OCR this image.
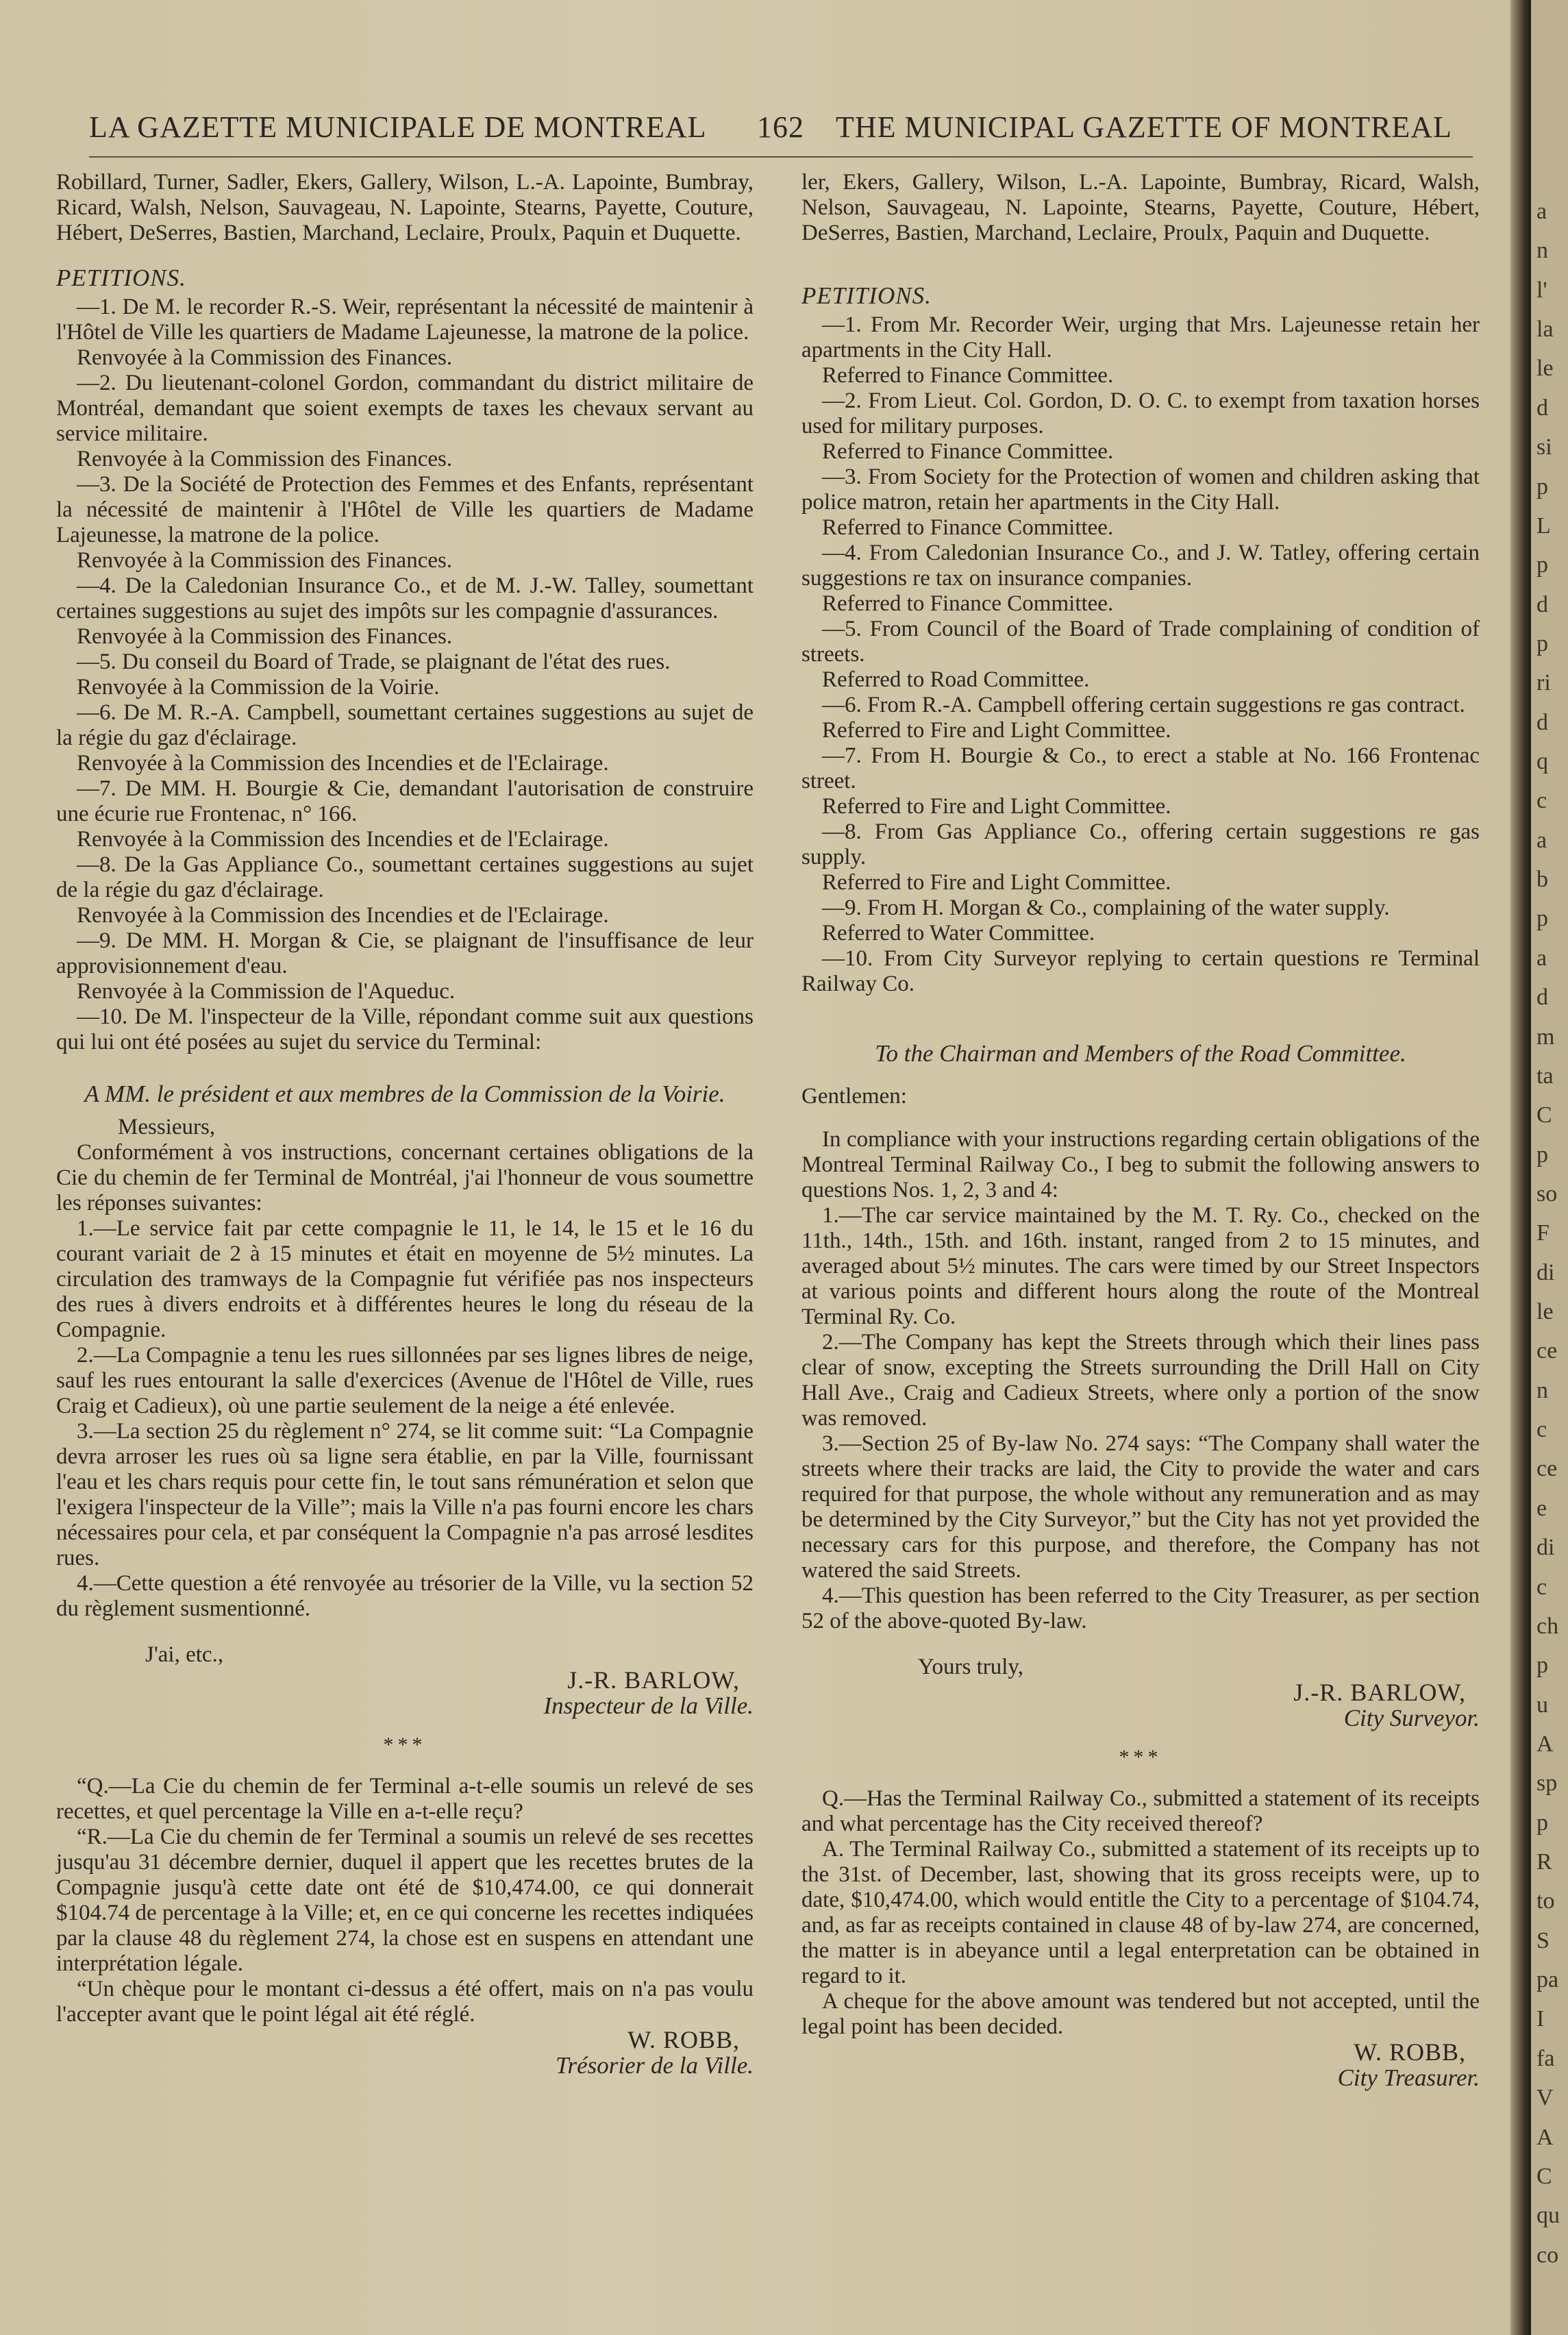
LA GAZETTE MUNICIPALE DE MONTREAL 162 THE MUNICIPAL GAZETTE OF MONTREAL

Robillard, Turner, Sadler, Ekers, Gallery, Wilson, L.-A. Lapointe, Bumbray, Ricard, Walsh, Nelson, Sauvageau, N. Lapointe, Stearns, Payette, Couture, Hébert, DeSerres, Bastien, Marchand, Leclaire, Proulx, Paquin et Duquette.

PETITIONS.

—1. De M. le recorder R.-S. Weir, représentant la nécessité de maintenir à l'Hôtel de Ville les quartiers de Madame Lajeunesse, la matrone de la police.

Renvoyée à la Commission des Finances.

—2. Du lieutenant-colonel Gordon, commandant du district militaire de Montréal, demandant que soient exempts de taxes les chevaux servant au service militaire.

Renvoyée à la Commission des Finances.

—3. De la Société de Protection des Femmes et des Enfants, représentant la nécessité de maintenir à l'Hôtel de Ville les quartiers de Madame Lajeunesse, la matrone de la police.

Renvoyée à la Commission des Finances.

—4. De la Caledonian Insurance Co., et de M. J.-W. Talley, soumettant certaines suggestions au sujet des impôts sur les compagnie d'assurances.

Renvoyée à la Commission des Finances.

—5. Du conseil du Board of Trade, se plaignant de l'état des rues.

Renvoyée à la Commission de la Voirie.

—6. De M. R.-A. Campbell, soumettant certaines suggestions au sujet de la régie du gaz d'éclairage.

Renvoyée à la Commission des Incendies et de l'Eclairage.

—7. De MM. H. Bourgie & Cie, demandant l'autorisation de construire une écurie rue Frontenac, n° 166.

Renvoyée à la Commission des Incendies et de l'Eclairage.

—8. De la Gas Appliance Co., soumettant certaines suggestions au sujet de la régie du gaz d'éclairage.

Renvoyée à la Commission des Incendies et de l'Eclairage.

—9. De MM. H. Morgan & Cie, se plaignant de l'insuffisance de leur approvisionnement d'eau.

Renvoyée à la Commission de l'Aqueduc.

—10. De M. l'inspecteur de la Ville, répondant comme suit aux questions qui lui ont été posées au sujet du service du Terminal:

A MM. le président et aux membres de la Commission de la Voirie.

Messieurs,

Conformément à vos instructions, concernant certaines obligations de la Cie du chemin de fer Terminal de Montréal, j'ai l'honneur de vous soumettre les réponses suivantes:

1.—Le service fait par cette compagnie le 11, le 14, le 15 et le 16 du courant variait de 2 à 15 minutes et était en moyenne de 5½ minutes. La circulation des tramways de la Compagnie fut vérifiée pas nos inspecteurs des rues à divers endroits et à différentes heures le long du réseau de la Compagnie.

2.—La Compagnie a tenu les rues sillonnées par ses lignes libres de neige, sauf les rues entourant la salle d'exercices (Avenue de l'Hôtel de Ville, rues Craig et Cadieux), où une partie seulement de la neige a été enlevée.

3.—La section 25 du règlement n° 274, se lit comme suit: “La Compagnie devra arroser les rues où sa ligne sera établie, en par la Ville, fournissant l'eau et les chars requis pour cette fin, le tout sans rémunération et selon que l'exigera l'inspecteur de la Ville”; mais la Ville n'a pas fourni encore les chars nécessaires pour cela, et par conséquent la Compagnie n'a pas arrosé lesdites rues.

4.—Cette question a été renvoyée au trésorier de la Ville, vu la section 52 du règlement susmentionné.

J'ai, etc.,

J.-R. BARLOW,

Inspecteur de la Ville.

***

“Q.—La Cie du chemin de fer Terminal a-t-elle soumis un relevé de ses recettes, et quel percentage la Ville en a-t-elle reçu?

“R.—La Cie du chemin de fer Terminal a soumis un relevé de ses recettes jusqu'au 31 décembre dernier, duquel il appert que les recettes brutes de la Compagnie jusqu'à cette date ont été de $10,474.00, ce qui donnerait $104.74 de percentage à la Ville; et, en ce qui concerne les recettes indiquées par la clause 48 du règlement 274, la chose est en suspens en attendant une interprétation légale.

“Un chèque pour le montant ci-dessus a été offert, mais on n'a pas voulu l'accepter avant que le point légal ait été réglé.

W. ROBB,

Trésorier de la Ville.

ler, Ekers, Gallery, Wilson, L.-A. Lapointe, Bumbray, Ricard, Walsh, Nelson, Sauvageau, N. Lapointe, Stearns, Payette, Couture, Hébert, DeSerres, Bastien, Marchand, Leclaire, Proulx, Paquin and Duquette.

PETITIONS.

—1. From Mr. Recorder Weir, urging that Mrs. Lajeunesse retain her apartments in the City Hall.

Referred to Finance Committee.

—2. From Lieut. Col. Gordon, D. O. C. to exempt from taxation horses used for military purposes.

Referred to Finance Committee.

—3. From Society for the Protection of women and children asking that police matron, retain her apartments in the City Hall.

Referred to Finance Committee.

—4. From Caledonian Insurance Co., and J. W. Tatley, offering certain suggestions re tax on insurance companies.

Referred to Finance Committee.

—5. From Council of the Board of Trade complaining of condition of streets.

Referred to Road Committee.

—6. From R.-A. Campbell offering certain suggestions re gas contract.

Referred to Fire and Light Committee.

—7. From H. Bourgie & Co., to erect a stable at No. 166 Frontenac street.

Referred to Fire and Light Committee.

—8. From Gas Appliance Co., offering certain suggestions re gas supply.

Referred to Fire and Light Committee.

—9. From H. Morgan & Co., complaining of the water supply.

Referred to Water Committee.

—10. From City Surveyor replying to certain questions re Terminal Railway Co.

To the Chairman and Members of the Road Committee.

Gentlemen:

In compliance with your instructions regarding certain obligations of the Montreal Terminal Railway Co., I beg to submit the following answers to questions Nos. 1, 2, 3 and 4:

1.—The car service maintained by the M. T. Ry. Co., checked on the 11th., 14th., 15th. and 16th. instant, ranged from 2 to 15 minutes, and averaged about 5½ minutes. The cars were timed by our Street Inspectors at various points and different hours along the route of the Montreal Terminal Ry. Co.

2.—The Company has kept the Streets through which their lines pass clear of snow, excepting the Streets surrounding the Drill Hall on City Hall Ave., Craig and Cadieux Streets, where only a portion of the snow was removed.

3.—Section 25 of By-law No. 274 says: “The Company shall water the streets where their tracks are laid, the City to provide the water and cars required for that purpose, the whole without any remuneration and as may be determined by the City Surveyor,” but the City has not yet provided the necessary cars for this purpose, and therefore, the Company has not watered the said Streets.

4.—This question has been referred to the City Treasurer, as per section 52 of the above-quoted By-law.

Yours truly,

J.-R. BARLOW,

City Surveyor.

***

Q.—Has the Terminal Railway Co., submitted a statement of its receipts and what percentage has the City received thereof?

A. The Terminal Railway Co., submitted a statement of its receipts up to the 31st. of December, last, showing that its gross receipts were, up to date, $10,474.00, which would entitle the City to a percentage of $104.74, and, as far as receipts contained in clause 48 of by-law 274, are concerned, the matter is in abeyance until a legal enterpretation can be obtained in regard to it.

A cheque for the above amount was tendered but not accepted, until the legal point has been decided.

W. ROBB,

City Treasurer.

a
n
l'
la
le
d
si
p
L
p
d
p
ri
d
q
c
a
b
p
a
d
m
ta
C
p
so
F
di
le
ce
n
c
ce
e
di
c
ch
p
u
A
sp
p
R
to
S
pa
I
fa
V
A
C
qu
co
